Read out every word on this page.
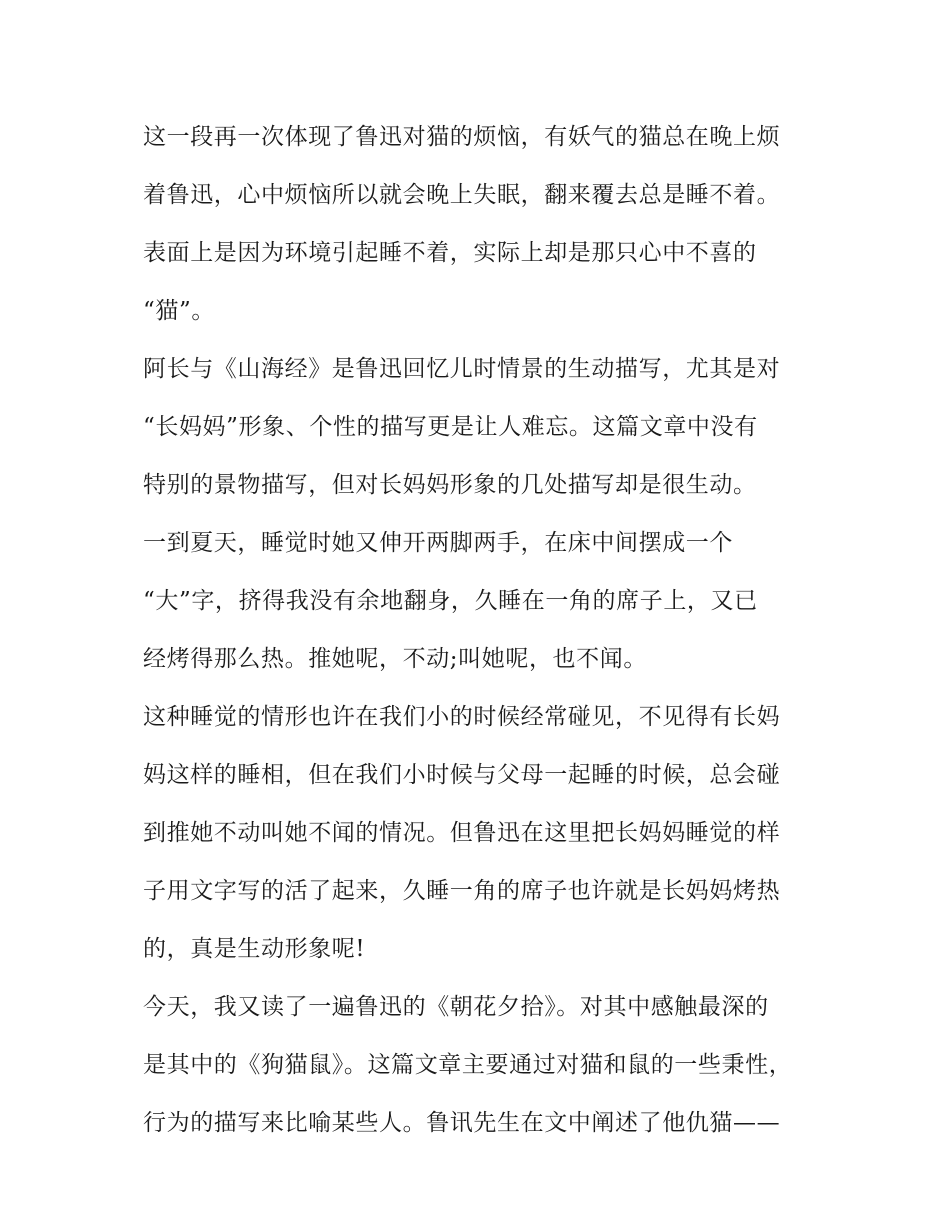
这一段再一次体现了鲁迅对猫的烦恼，有妖气的猫总在晚上烦
着鲁迅，心中烦恼所以就会晚上失眠，翻来覆去总是睡不着。
表面上是因为环境引起睡不着，实际上却是那只心中不喜的
“猫”。
阿长与《山海经》是鲁迅回忆儿时情景的生动描写，尤其是对
“长妈妈”形象、个性的描写更是让人难忘。这篇文章中没有
特别的景物描写，但对长妈妈形象的几处描写却是很生动。
一到夏天，睡觉时她又伸开两脚两手，在床中间摆成一个
“大”字，挤得我没有余地翻身，久睡在一角的席子上，又已
经烤得那么热。推她呢，不动;叫她呢，也不闻。
这种睡觉的情形也许在我们小的时候经常碰见，不见得有长妈
妈这样的睡相，但在我们小时候与父母一起睡的时候，总会碰
到推她不动叫她不闻的情况。但鲁迅在这里把长妈妈睡觉的样
子用文字写的活了起来，久睡一角的席子也许就是长妈妈烤热
的，真是生动形象呢!
今天，我又读了一遍鲁迅的《朝花夕拾》。对其中感触最深的
是其中的《狗猫鼠》。这篇文章主要通过对猫和鼠的一些秉性，
行为的描写来比喻某些人。鲁讯先生在文中阐述了他仇猫——
